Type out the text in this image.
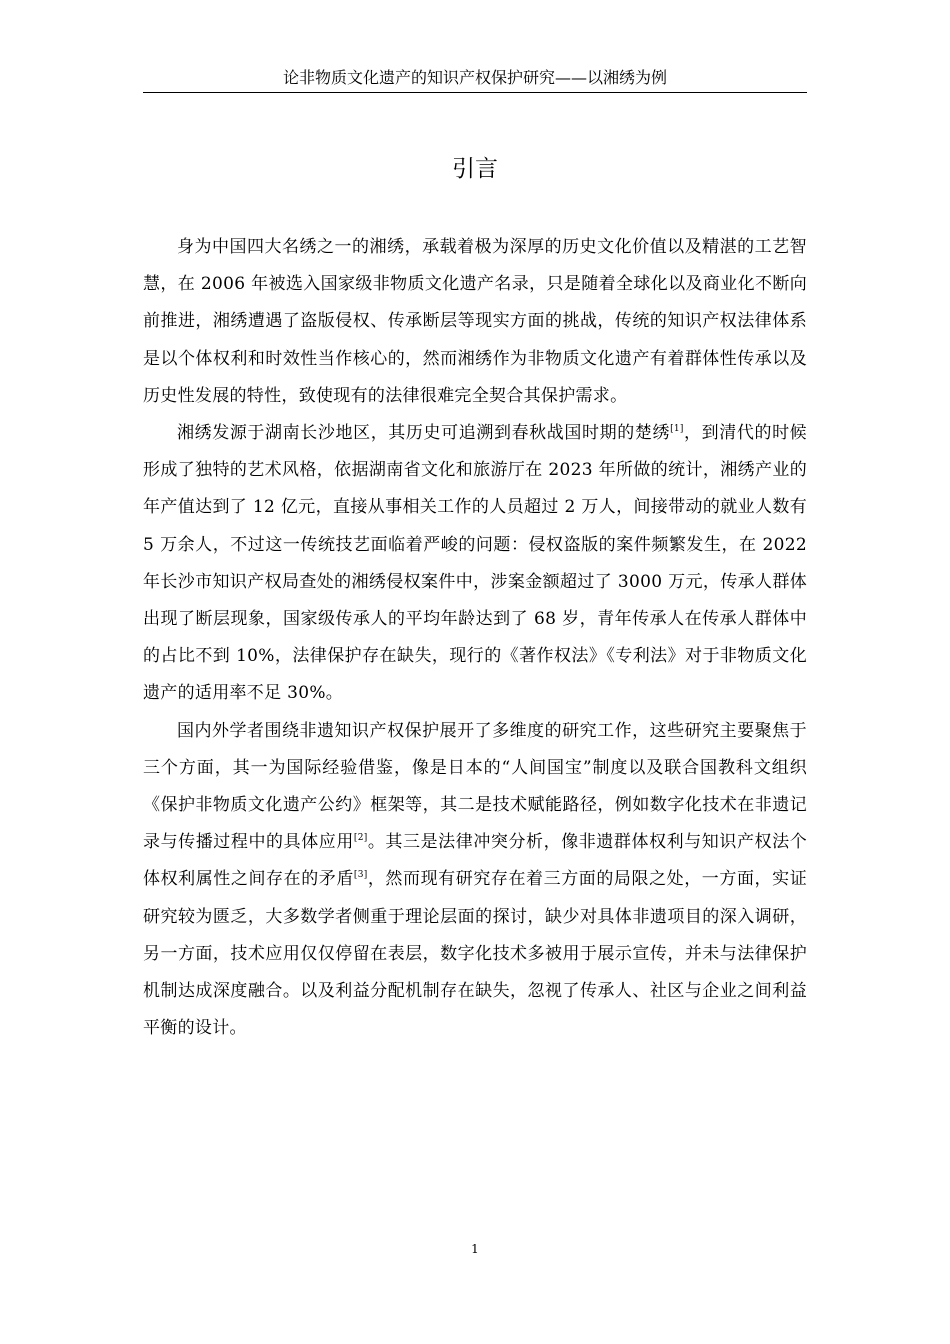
论非物质文化遗产的知识产权保护研究——以湘绣为例
引言

身为中国四大名绣之一的湘绣，承载着极为深厚的历史文化价值以及精湛的工艺智慧，在 2006 年被选入国家级非物质文化遗产名录，只是随着全球化以及商业化不断向前推进，湘绣遭遇了盗版侵权、传承断层等现实方面的挑战，传统的知识产权法律体系是以个体权利和时效性当作核心的，然而湘绣作为非物质文化遗产有着群体性传承以及历史性发展的特性，致使现有的法律很难完全契合其保护需求。

湘绣发源于湖南长沙地区，其历史可追溯到春秋战国时期的楚绣[1]，到清代的时候形成了独特的艺术风格，依据湖南省文化和旅游厅在 2023 年所做的统计，湘绣产业的年产值达到了 12 亿元，直接从事相关工作的人员超过 2 万人，间接带动的就业人数有 5 万余人，不过这一传统技艺面临着严峻的问题：侵权盗版的案件频繁发生，在 2022 年长沙市知识产权局查处的湘绣侵权案件中，涉案金额超过了 3000 万元，传承人群体出现了断层现象，国家级传承人的平均年龄达到了 68 岁，青年传承人在传承人群体中的占比不到 10%，法律保护存在缺失，现行的《著作权法》《专利法》对于非物质文化遗产的适用率不足 30%。

国内外学者围绕非遗知识产权保护展开了多维度的研究工作，这些研究主要聚焦于三个方面，其一为国际经验借鉴，像是日本的“人间国宝”制度以及联合国教科文组织《保护非物质文化遗产公约》框架等，其二是技术赋能路径，例如数字化技术在非遗记录与传播过程中的具体应用[2]。其三是法律冲突分析，像非遗群体权利与知识产权法个体权利属性之间存在的矛盾[3]，然而现有研究存在着三方面的局限之处，一方面，实证研究较为匮乏，大多数学者侧重于理论层面的探讨，缺少对具体非遗项目的深入调研，另一方面，技术应用仅仅停留在表层，数字化技术多被用于展示宣传，并未与法律保护机制达成深度融合。以及利益分配机制存在缺失，忽视了传承人、社区与企业之间利益平衡的设计。

1
